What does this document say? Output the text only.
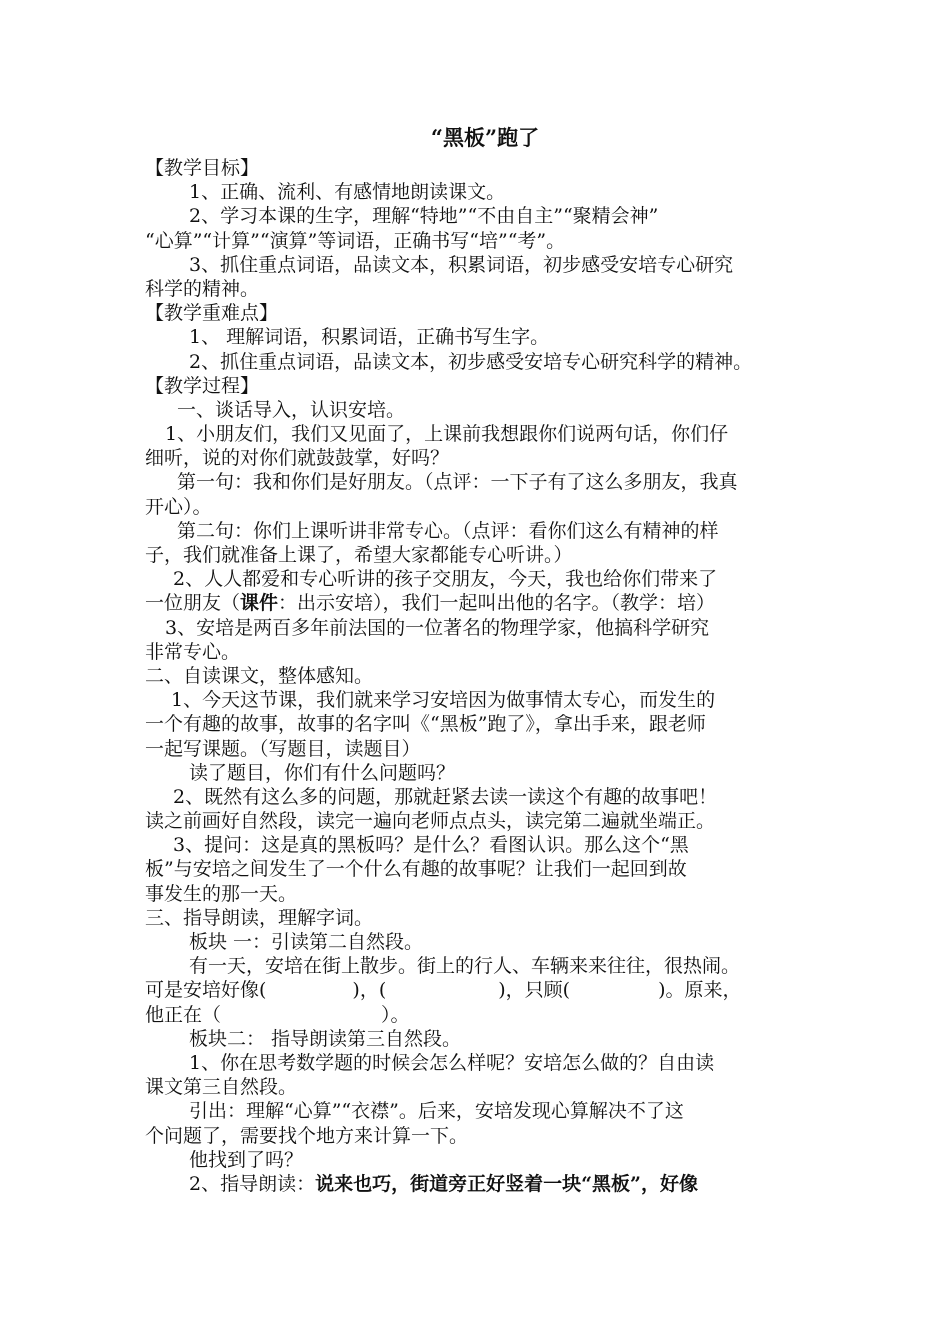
“黑板”跑了

【教学目标】

1、正确、流利、有感情地朗读课文。

2、学习本课的生字，理解“特地”“不由自主”“聚精会神”

“心算”“计算”“演算”等词语，正确书写“培”“考”。

3、抓住重点词语，品读文本，积累词语，初步感受安培专心研究

科学的精神。

【教学重难点】

1、 理解词语，积累词语，正确书写生字。

2、抓住重点词语，品读文本，初步感受安培专心研究科学的精神。

【教学过程】

一、谈话导入，认识安培。

1、小朋友们，我们又见面了，上课前我想跟你们说两句话，你们仔

细听，说的对你们就鼓鼓掌，好吗？

第一句：我和你们是好朋友。（点评：一下子有了这么多朋友，我真

开心）。

第二句：你们上课听讲非常专心。（点评：看你们这么有精神的样

子，我们就准备上课了，希望大家都能专心听讲。）

2、人人都爱和专心听讲的孩子交朋友，今天，我也给你们带来了

一位朋友（课件：出示安培），我们一起叫出他的名字。（教学：培）

3、安培是两百多年前法国的一位著名的物理学家，他搞科学研究

非常专心。

二、自读课文，整体感知。

1、今天这节课，我们就来学习安培因为做事情太专心，而发生的

一个有趣的故事，故事的名字叫《“黑板”跑了》，拿出手来，跟老师

一起写课题。（写题目，读题目）

读了题目，你们有什么问题吗？

2、既然有这么多的问题，那就赶紧去读一读这个有趣的故事吧！

读之前画好自然段，读完一遍向老师点点头，读完第二遍就坐端正。

3、提问：这是真的黑板吗？是什么？看图认识。那么这个“黑

板”与安培之间发生了一个什么有趣的故事呢？让我们一起回到故

事发生的那一天。

三、指导朗读，理解字词。

板块 一：引读第二自然段。

有一天，安培在街上散步。街上的行人、车辆来来往往，很热闹。

可是安培好像(	)，(	)，只顾(	)。原来，

他正在（	）。

板块二： 指导朗读第三自然段。

1、你在思考数学题的时候会怎么样呢？安培怎么做的？自由读

课文第三自然段。

引出：理解“心算”“衣襟”。后来，安培发现心算解决不了这

个问题了，需要找个地方来计算一下。

他找到了吗？

2、指导朗读：说来也巧，街道旁正好竖着一块“黑板”，好像
